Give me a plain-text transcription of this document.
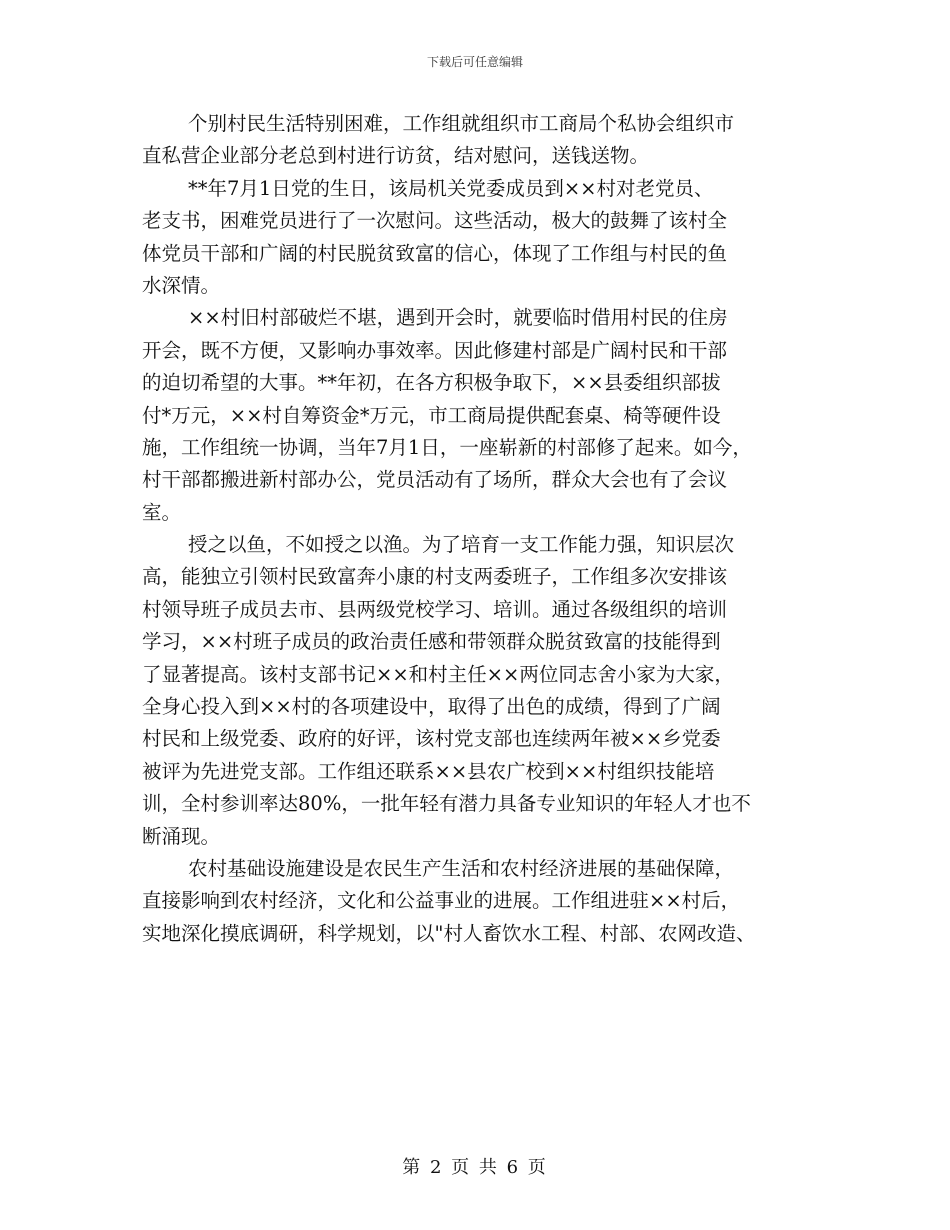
下载后可任意编辑
个别村民生活特别困难，工作组就组织市工商局个私协会组织市
直私营企业部分老总到村进行访贫，结对慰问，送钱送物。
**年7月1日党的生日，该局机关党委成员到××村对老党员、
老支书，困难党员进行了一次慰问。这些活动，极大的鼓舞了该村全
体党员干部和广阔的村民脱贫致富的信心，体现了工作组与村民的鱼
水深情。
××村旧村部破烂不堪，遇到开会时，就要临时借用村民的住房
开会，既不方便，又影响办事效率。因此修建村部是广阔村民和干部
的迫切希望的大事。**年初，在各方积极争取下，××县委组织部拔
付*万元，××村自筹资金*万元，市工商局提供配套桌、椅等硬件设
施，工作组统一协调，当年7月1日，一座崭新的村部修了起来。如今，
村干部都搬进新村部办公，党员活动有了场所，群众大会也有了会议
室。
授之以鱼，不如授之以渔。为了培育一支工作能力强，知识层次
高，能独立引领村民致富奔小康的村支两委班子，工作组多次安排该
村领导班子成员去市、县两级党校学习、培训。通过各级组织的培训
学习，××村班子成员的政治责任感和带领群众脱贫致富的技能得到
了显著提高。该村支部书记××和村主任××两位同志舍小家为大家，
全身心投入到××村的各项建设中，取得了出色的成绩，得到了广阔
村民和上级党委、政府的好评，该村党支部也连续两年被××乡党委
被评为先进党支部。工作组还联系××县农广校到××村组织技能培
训，全村参训率达80%，一批年轻有潜力具备专业知识的年轻人才也不
断涌现。
农村基础设施建设是农民生产生活和农村经济进展的基础保障，
直接影响到农村经济，文化和公益事业的进展。工作组进驻××村后，
实地深化摸底调研，科学规划，以"村人畜饮水工程、村部、农网改造、
第 2 页 共 6 页
